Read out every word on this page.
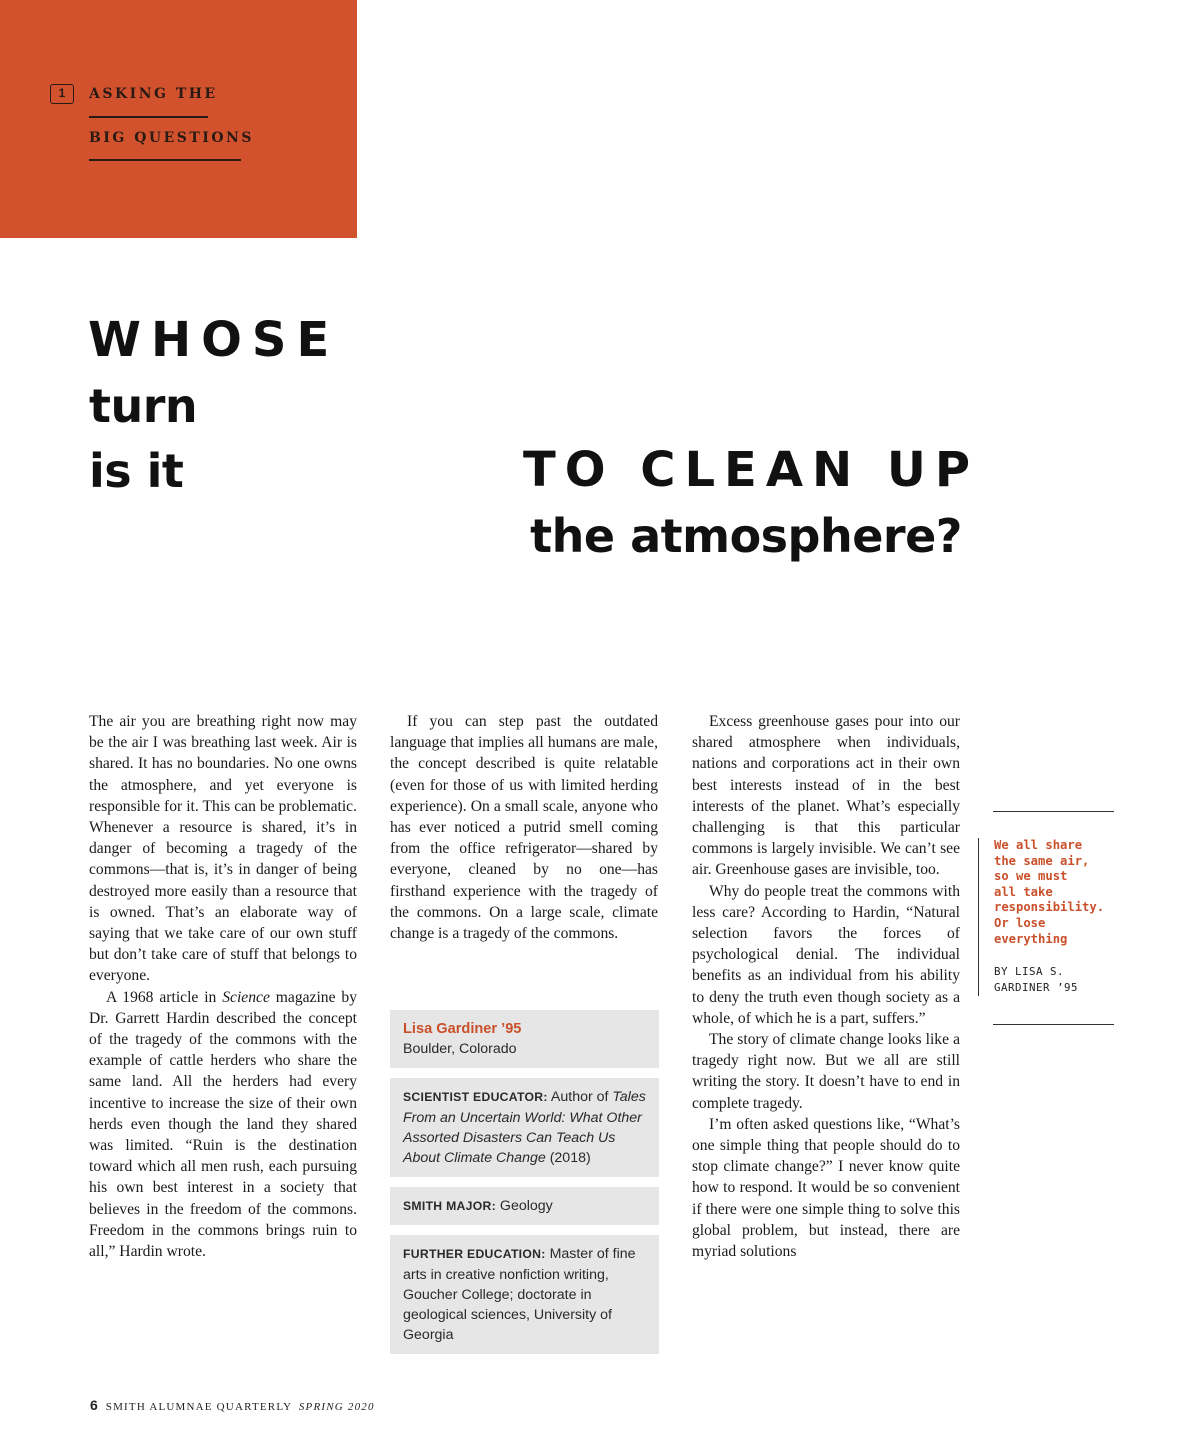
1	ASKING THE
BIG QUESTIONS
WHOSE
turn
is it	TO CLEAN UP
the atmosphere?

The air you are breathing right now may be the air I was breathing last week. Air is shared. It has no boundaries. No one owns the atmosphere, and yet everyone is responsible for it. This can be problematic. Whenever a resource is shared, it’s in danger of becoming a tragedy of the commons—that is, it’s in danger of being destroyed more easily than a resource that is owned. That’s an elaborate way of saying that we take care of our own stuff but don’t take care of stuff that belongs to everyone.

A 1968 article in Science magazine by Dr. Garrett Hardin described the concept of the tragedy of the commons with the example of cattle herders who share the same land. All the herders had every incentive to increase the size of their own herds even though the land they shared was limited. “Ruin is the destination toward which all men rush, each pursuing his own best interest in a society that believes in the freedom of the commons. Freedom in the commons brings ruin to all,” Hardin wrote.

If you can step past the outdated language that implies all humans are male, the concept described is quite relatable (even for those of us with limited herding experience). On a small scale, anyone who has ever noticed a putrid smell coming from the office refrigerator—shared by everyone, cleaned by no one—has firsthand experience with the tragedy of the commons. On a large scale, climate change is a tragedy of the commons.

Lisa Gardiner ’95
Boulder, Colorado
SCIENTIST EDUCATOR: Author of Tales From an Uncertain World: What Other Assorted Disasters Can Teach Us About Climate Change (2018)
SMITH MAJOR: Geology
FURTHER EDUCATION: Master of fine arts in creative nonfiction writing, Goucher College; doctorate in geological sciences, University of Georgia

Excess greenhouse gases pour into our shared atmosphere when individuals, nations and corporations act in their own best interests instead of in the best interests of the planet. What’s especially challenging is that this particular commons is largely invisible. We can’t see air. Greenhouse gases are invisible, too.

Why do people treat the commons with less care? According to Hardin, “Natural selection favors the forces of psychological denial. The individual benefits as an individual from his ability to deny the truth even though society as a whole, of which he is a part, suffers.”

The story of climate change looks like a tragedy right now. But we all are still writing the story. It doesn’t have to end in complete tragedy.

I’m often asked questions like, “What’s one simple thing that people should do to stop climate change?” I never know quite how to respond. It would be so convenient if there were one simple thing to solve this global problem, but instead, there are myriad solutions

We all share
the same air,
so we must
all take
responsibility.
Or lose
everything
BY LISA S.
GARDINER ’95
6 SMITH ALUMNAE QUARTERLY SPRING 2020
